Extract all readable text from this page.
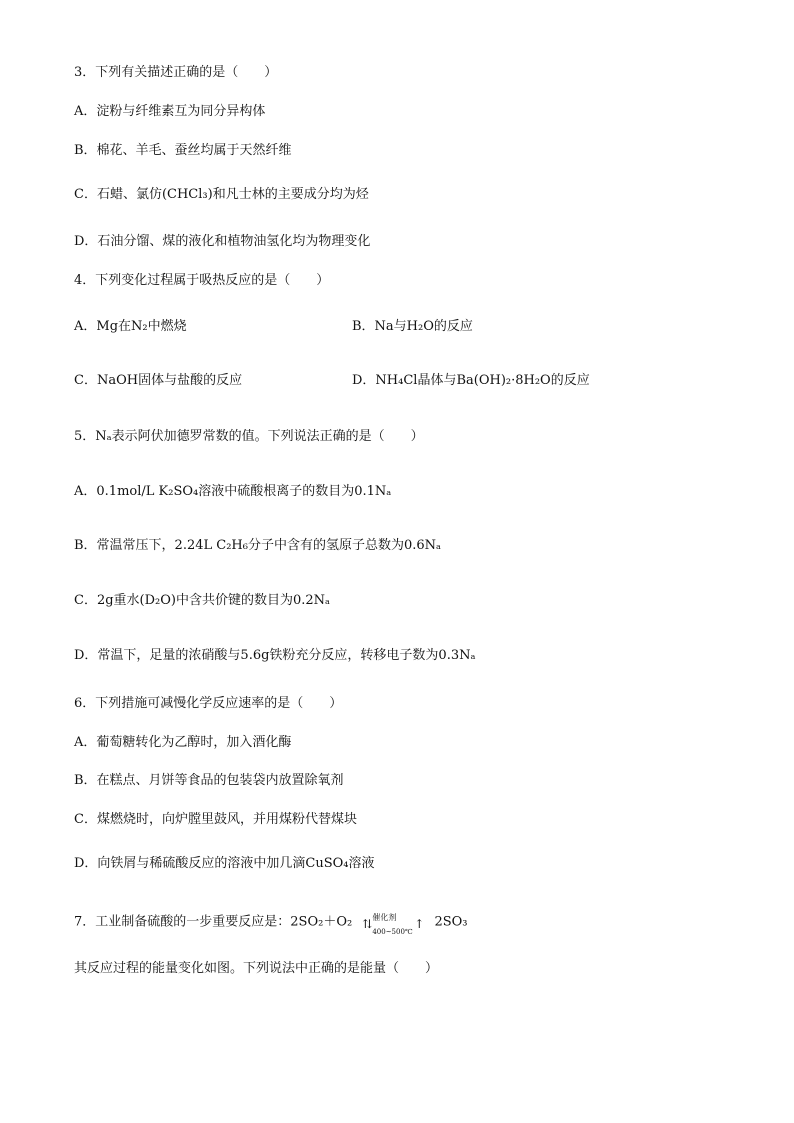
3．下列有关描述正确的是（　　）
A．淀粉与纤维素互为同分异构体
B．棉花、羊毛、蚕丝均属于天然纤维
C．石蜡、氯仿(CHCl₃)和凡士林的主要成分均为烃
D．石油分馏、煤的液化和植物油氢化均为物理变化
4．下列变化过程属于吸热反应的是（　　）
A．Mg在N₂中燃烧	B．Na与H₂O的反应
C．NaOH固体与盐酸的反应	D．NH₄Cl晶体与Ba(OH)₂·8H₂O的反应
5．Nₐ表示阿伏加德罗常数的值。下列说法正确的是（　　）
A．0.1mol/L K₂SO₄溶液中硫酸根离子的数目为0.1Nₐ
B．常温常压下，2.24L C₂H₆分子中含有的氢原子总数为0.6Nₐ
C．2g重水(D₂O)中含共价键的数目为0.2Nₐ
D．常温下，足量的浓硝酸与5.6g铁粉充分反应，转移电子数为0.3Nₐ
6．下列措施可减慢化学反应速率的是（　　）
A．葡萄糖转化为乙醇时，加入酒化酶
B．在糕点、月饼等食品的包装袋内放置除氧剂
C．煤燃烧时，向炉膛里鼓风，并用煤粉代替煤块
D．向铁屑与稀硫酸反应的溶液中加几滴CuSO₄溶液
7．工业制备硫酸的一步重要反应是：2SO₂＋O₂ ⇅ 催化剂
400~500℃
↑ 2SO₃
其反应过程的能量变化如图。下列说法中正确的是能量（　　）
